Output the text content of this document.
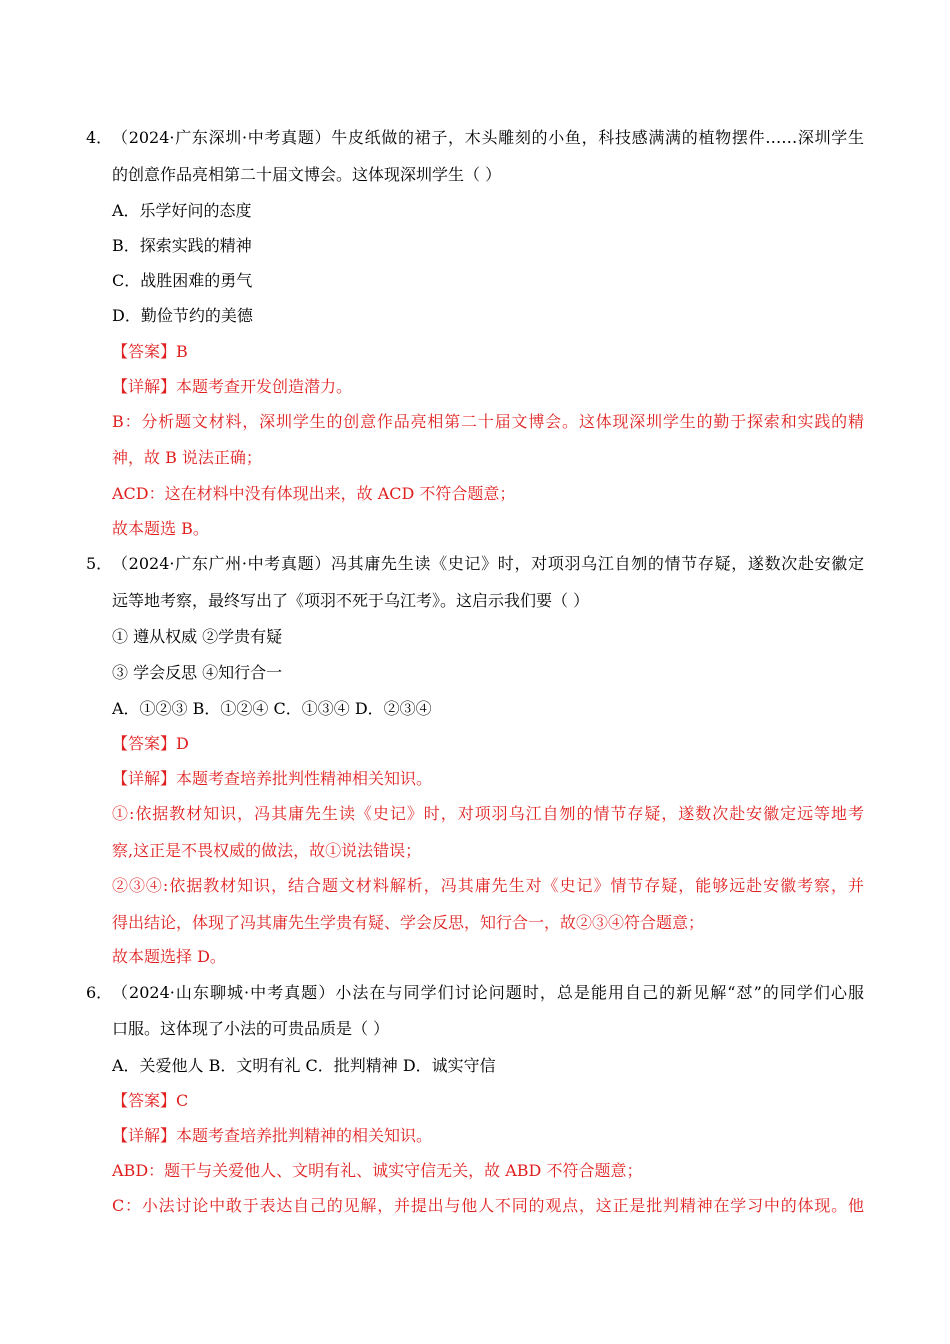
4． （2024·广东深圳·中考真题）牛皮纸做的裙子，木头雕刻的小鱼，科技感满满的植物摆件……深圳学生
的创意作品亮相第二十届文博会。这体现深圳学生（ ）
A．乐学好问的态度
B．探索实践的精神
C．战胜困难的勇气
D．勤俭节约的美德
【答案】B
【详解】本题考查开发创造潜力。
B：分析题文材料，深圳学生的创意作品亮相第二十届文博会。这体现深圳学生的勤于探索和实践的精
神，故 B 说法正确；
ACD：这在材料中没有体现出来，故 ACD 不符合题意；
故本题选 B。
5． （2024·广东广州·中考真题）冯其庸先生读《史记》时，对项羽乌江自刎的情节存疑，遂数次赴安徽定
远等地考察，最终写出了《项羽不死于乌江考》。这启示我们要（ ）
① 遵从权威 ②学贵有疑
③ 学会反思 ④知行合一
A．①②③ B．①②④ C．①③④ D．②③④
【答案】D
【详解】本题考查培养批判性精神相关知识。
①:依据教材知识，冯其庸先生读《史记》时，对项羽乌江自刎的情节存疑，遂数次赴安徽定远等地考
察,这正是不畏权威的做法，故①说法错误；
②③④:依据教材知识，结合题文材料解析，冯其庸先生对《史记》情节存疑，能够远赴安徽考察，并
得出结论，体现了冯其庸先生学贵有疑、学会反思，知行合一，故②③④符合题意；
故本题选择 D。
6． （2024·山东聊城·中考真题）小法在与同学们讨论问题时，总是能用自己的新见解“怼”的同学们心服
口服。这体现了小法的可贵品质是（ ）
A．关爱他人 B．文明有礼 C．批判精神 D．诚实守信
【答案】C
【详解】本题考查培养批判精神的相关知识。
ABD：题干与关爱他人、文明有礼、诚实守信无关，故 ABD 不符合题意；
C：小法讨论中敢于表达自己的见解，并提出与他人不同的观点，这正是批判精神在学习中的体现。他
